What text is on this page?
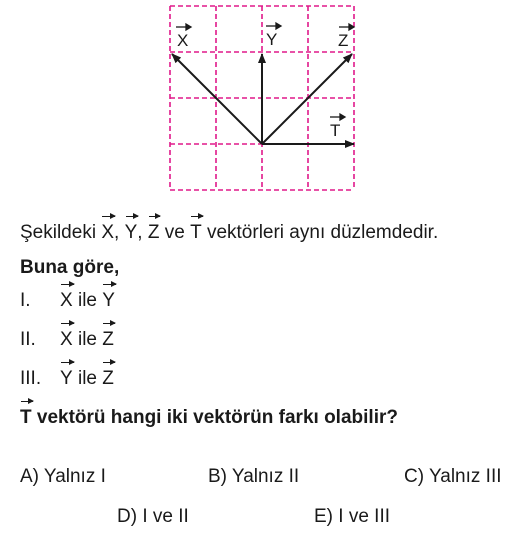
X	Y	Z
T
Şekildeki X, Y, Z ve T vektörleri aynı düzlemdedir.
Buna göre,
I. X ile Y
II. X ile Z
III. Y ile Z
T vektörü hangi iki vektörün farkı olabilir?
A) Yalnız I	B) Yalnız II	C) Yalnız III
D) I ve II	E) I ve III
